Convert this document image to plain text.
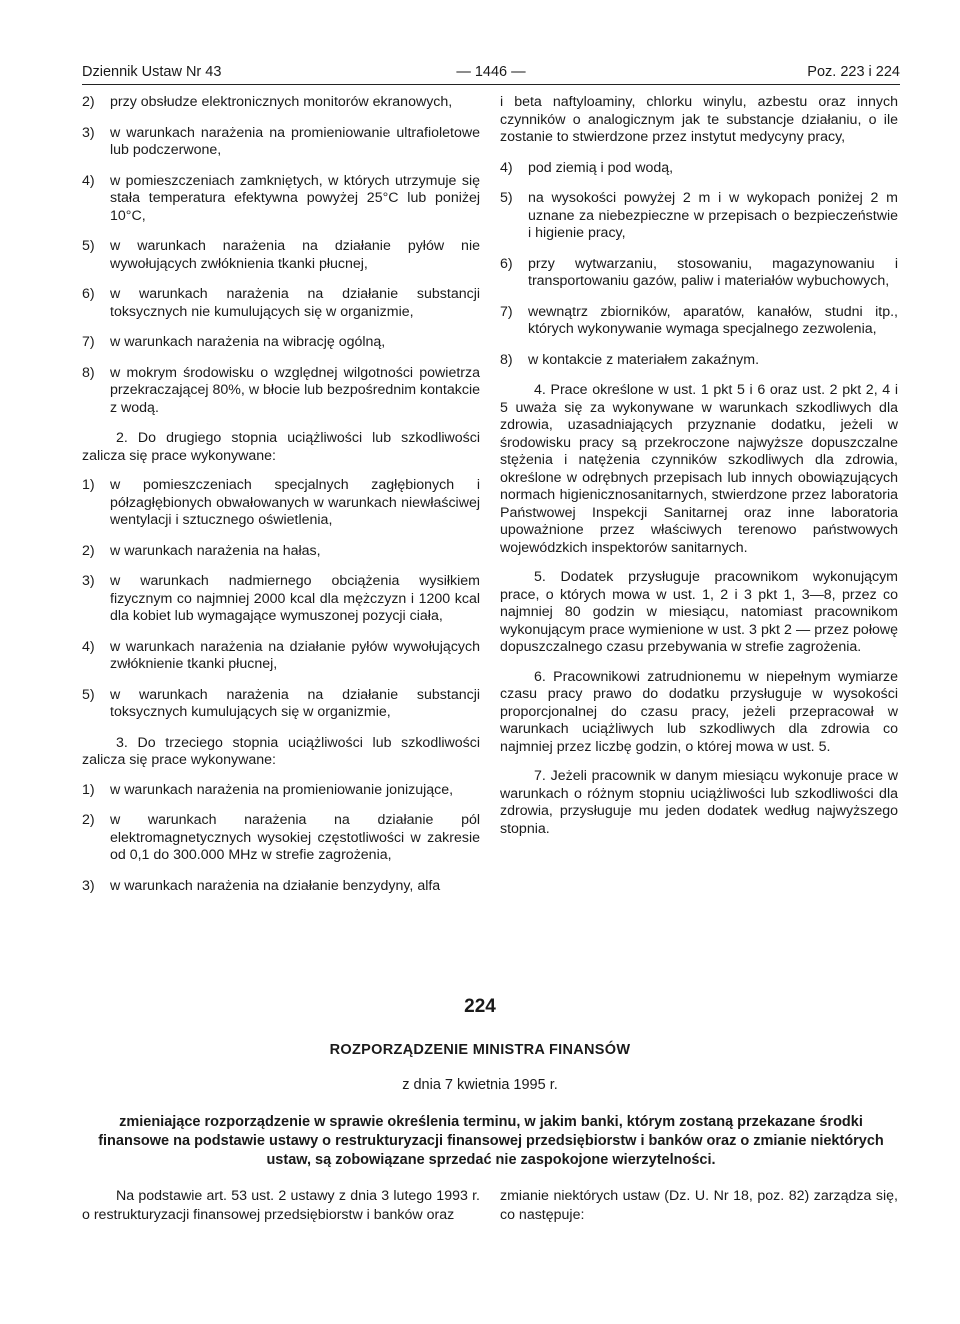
Dziennik Ustaw Nr 43	— 1446 —	Poz. 223 i 224
2) przy obsłudze elektronicznych monitorów ekranowych,
3) w warunkach narażenia na promieniowanie ultrafioletowe lub podczerwone,
4) w pomieszczeniach zamkniętych, w których utrzymuje się stała temperatura efektywna powyżej 25°C lub poniżej 10°C,
5) w warunkach narażenia na działanie pyłów nie wywołujących zwłóknienia tkanki płucnej,
6) w warunkach narażenia na działanie substancji toksycznych nie kumulujących się w organizmie,
7) w warunkach narażenia na wibrację ogólną,
8) w mokrym środowisku o względnej wilgotności powietrza przekraczającej 80%, w błocie lub bezpośrednim kontakcie z wodą.

2. Do drugiego stopnia uciążliwości lub szkodliwości zalicza się prace wykonywane:

1) w pomieszczeniach specjalnych zagłębionych i półzagłębionych obwałowanych w warunkach niewłaściwej wentylacji i sztucznego oświetlenia,
2) w warunkach narażenia na hałas,
3) w warunkach nadmiernego obciążenia wysiłkiem fizycznym co najmniej 2000 kcal dla mężczyzn i 1200 kcal dla kobiet lub wymagające wymuszonej pozycji ciała,
4) w warunkach narażenia na działanie pyłów wywołujących zwłóknienie tkanki płucnej,
5) w warunkach narażenia na działanie substancji toksycznych kumulujących się w organizmie,

3. Do trzeciego stopnia uciążliwości lub szkodliwości zalicza się prace wykonywane:

1) w warunkach narażenia na promieniowanie jonizujące,
2) w warunkach narażenia na działanie pól elektromagnetycznych wysokiej częstotliwości w zakresie od 0,1 do 300.000 MHz w strefie zagrożenia,
3) w warunkach narażenia na działanie benzydyny, alfa

i beta naftyloaminy, chlorku winylu, azbestu oraz innych czynników o analogicznym jak te substancje działaniu, o ile zostanie to stwierdzone przez instytut medycyny pracy,

4) pod ziemią i pod wodą,
5) na wysokości powyżej 2 m i w wykopach poniżej 2 m uznane za niebezpieczne w przepisach o bezpieczeństwie i higienie pracy,
6) przy wytwarzaniu, stosowaniu, magazynowaniu i transportowaniu gazów, paliw i materiałów wybuchowych,
7) wewnątrz zbiorników, aparatów, kanałów, studni itp., których wykonywanie wymaga specjalnego zezwolenia,
8) w kontakcie z materiałem zakaźnym.

4. Prace określone w ust. 1 pkt 5 i 6 oraz ust. 2 pkt 2, 4 i 5 uważa się za wykonywane w warunkach szkodliwych dla zdrowia, uzasadniających przyznanie dodatku, jeżeli w środowisku pracy są przekroczone najwyższe dopuszczalne stężenia i natężenia czynników szkodliwych dla zdrowia, określone w odrębnych przepisach lub innych obowiązujących normach higienicznosanitarnych, stwierdzone przez laboratoria Państwowej Inspekcji Sanitarnej oraz inne laboratoria upoważnione przez właściwych terenowo państwowych wojewódzkich inspektorów sanitarnych.

5. Dodatek przysługuje pracownikom wykonującym prace, o których mowa w ust. 1, 2 i 3 pkt 1, 3—8, przez co najmniej 80 godzin w miesiącu, natomiast pracownikom wykonującym prace wymienione w ust. 3 pkt 2 — przez połowę dopuszczalnego czasu przebywania w strefie zagrożenia.

6. Pracownikowi zatrudnionemu w niepełnym wymiarze czasu pracy prawo do dodatku przysługuje w wysokości proporcjonalnej do czasu pracy, jeżeli przepracował w warunkach uciążliwych lub szkodliwych dla zdrowia co najmniej przez liczbę godzin, o której mowa w ust. 5.

7. Jeżeli pracownik w danym miesiącu wykonuje prace w warunkach o różnym stopniu uciążliwości lub szkodliwości dla zdrowia, przysługuje mu jeden dodatek według najwyższego stopnia.

224
ROZPORZĄDZENIE MINISTRA FINANSÓW
z dnia 7 kwietnia 1995 r.
zmieniające rozporządzenie w sprawie określenia terminu, w jakim banki, którym zostaną przekazane środki finansowe na podstawie ustawy o restrukturyzacji finansowej przedsiębiorstw i banków oraz o zmianie niektórych ustaw, są zobowiązane sprzedać nie zaspokojone wierzytelności.
Na podstawie art. 53 ust. 2 ustawy z dnia 3 lutego 1993 r. o restrukturyzacji finansowej przedsiębiorstw i banków oraz
zmianie niektórych ustaw (Dz. U. Nr 18, poz. 82) zarządza się, co następuje:
